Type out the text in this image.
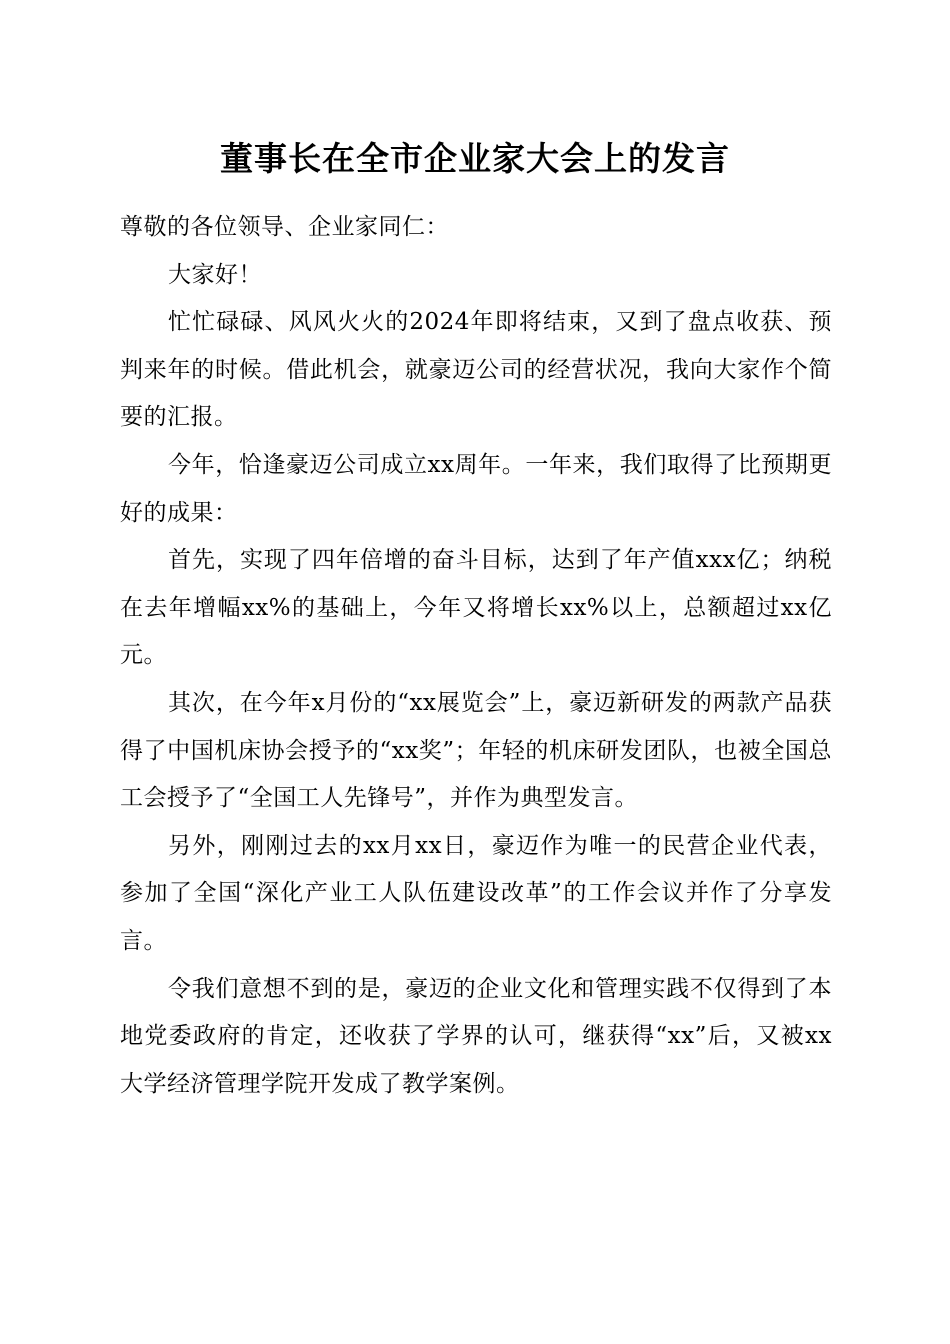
董事长在全市企业家大会上的发言

尊敬的各位领导、企业家同仁：

大家好！

忙忙碌碌、风风火火的2024年即将结束，又到了盘点收获、预判来年的时候。借此机会，就豪迈公司的经营状况，我向大家作个简要的汇报。

今年，恰逢豪迈公司成立xx周年。一年来，我们取得了比预期更好的成果：

首先，实现了四年倍增的奋斗目标，达到了年产值xxx亿；纳税在去年增幅xx%的基础上，今年又将增长xx%以上，总额超过xx亿元。

其次，在今年x月份的“xx展览会”上，豪迈新研发的两款产品获得了中国机床协会授予的“xx奖”；年轻的机床研发团队，也被全国总工会授予了“全国工人先锋号”，并作为典型发言。

另外，刚刚过去的xx月xx日，豪迈作为唯一的民营企业代表，参加了全国“深化产业工人队伍建设改革”的工作会议并作了分享发言。

令我们意想不到的是，豪迈的企业文化和管理实践不仅得到了本地党委政府的肯定，还收获了学界的认可，继获得“xx”后，又被xx大学经济管理学院开发成了教学案例。
